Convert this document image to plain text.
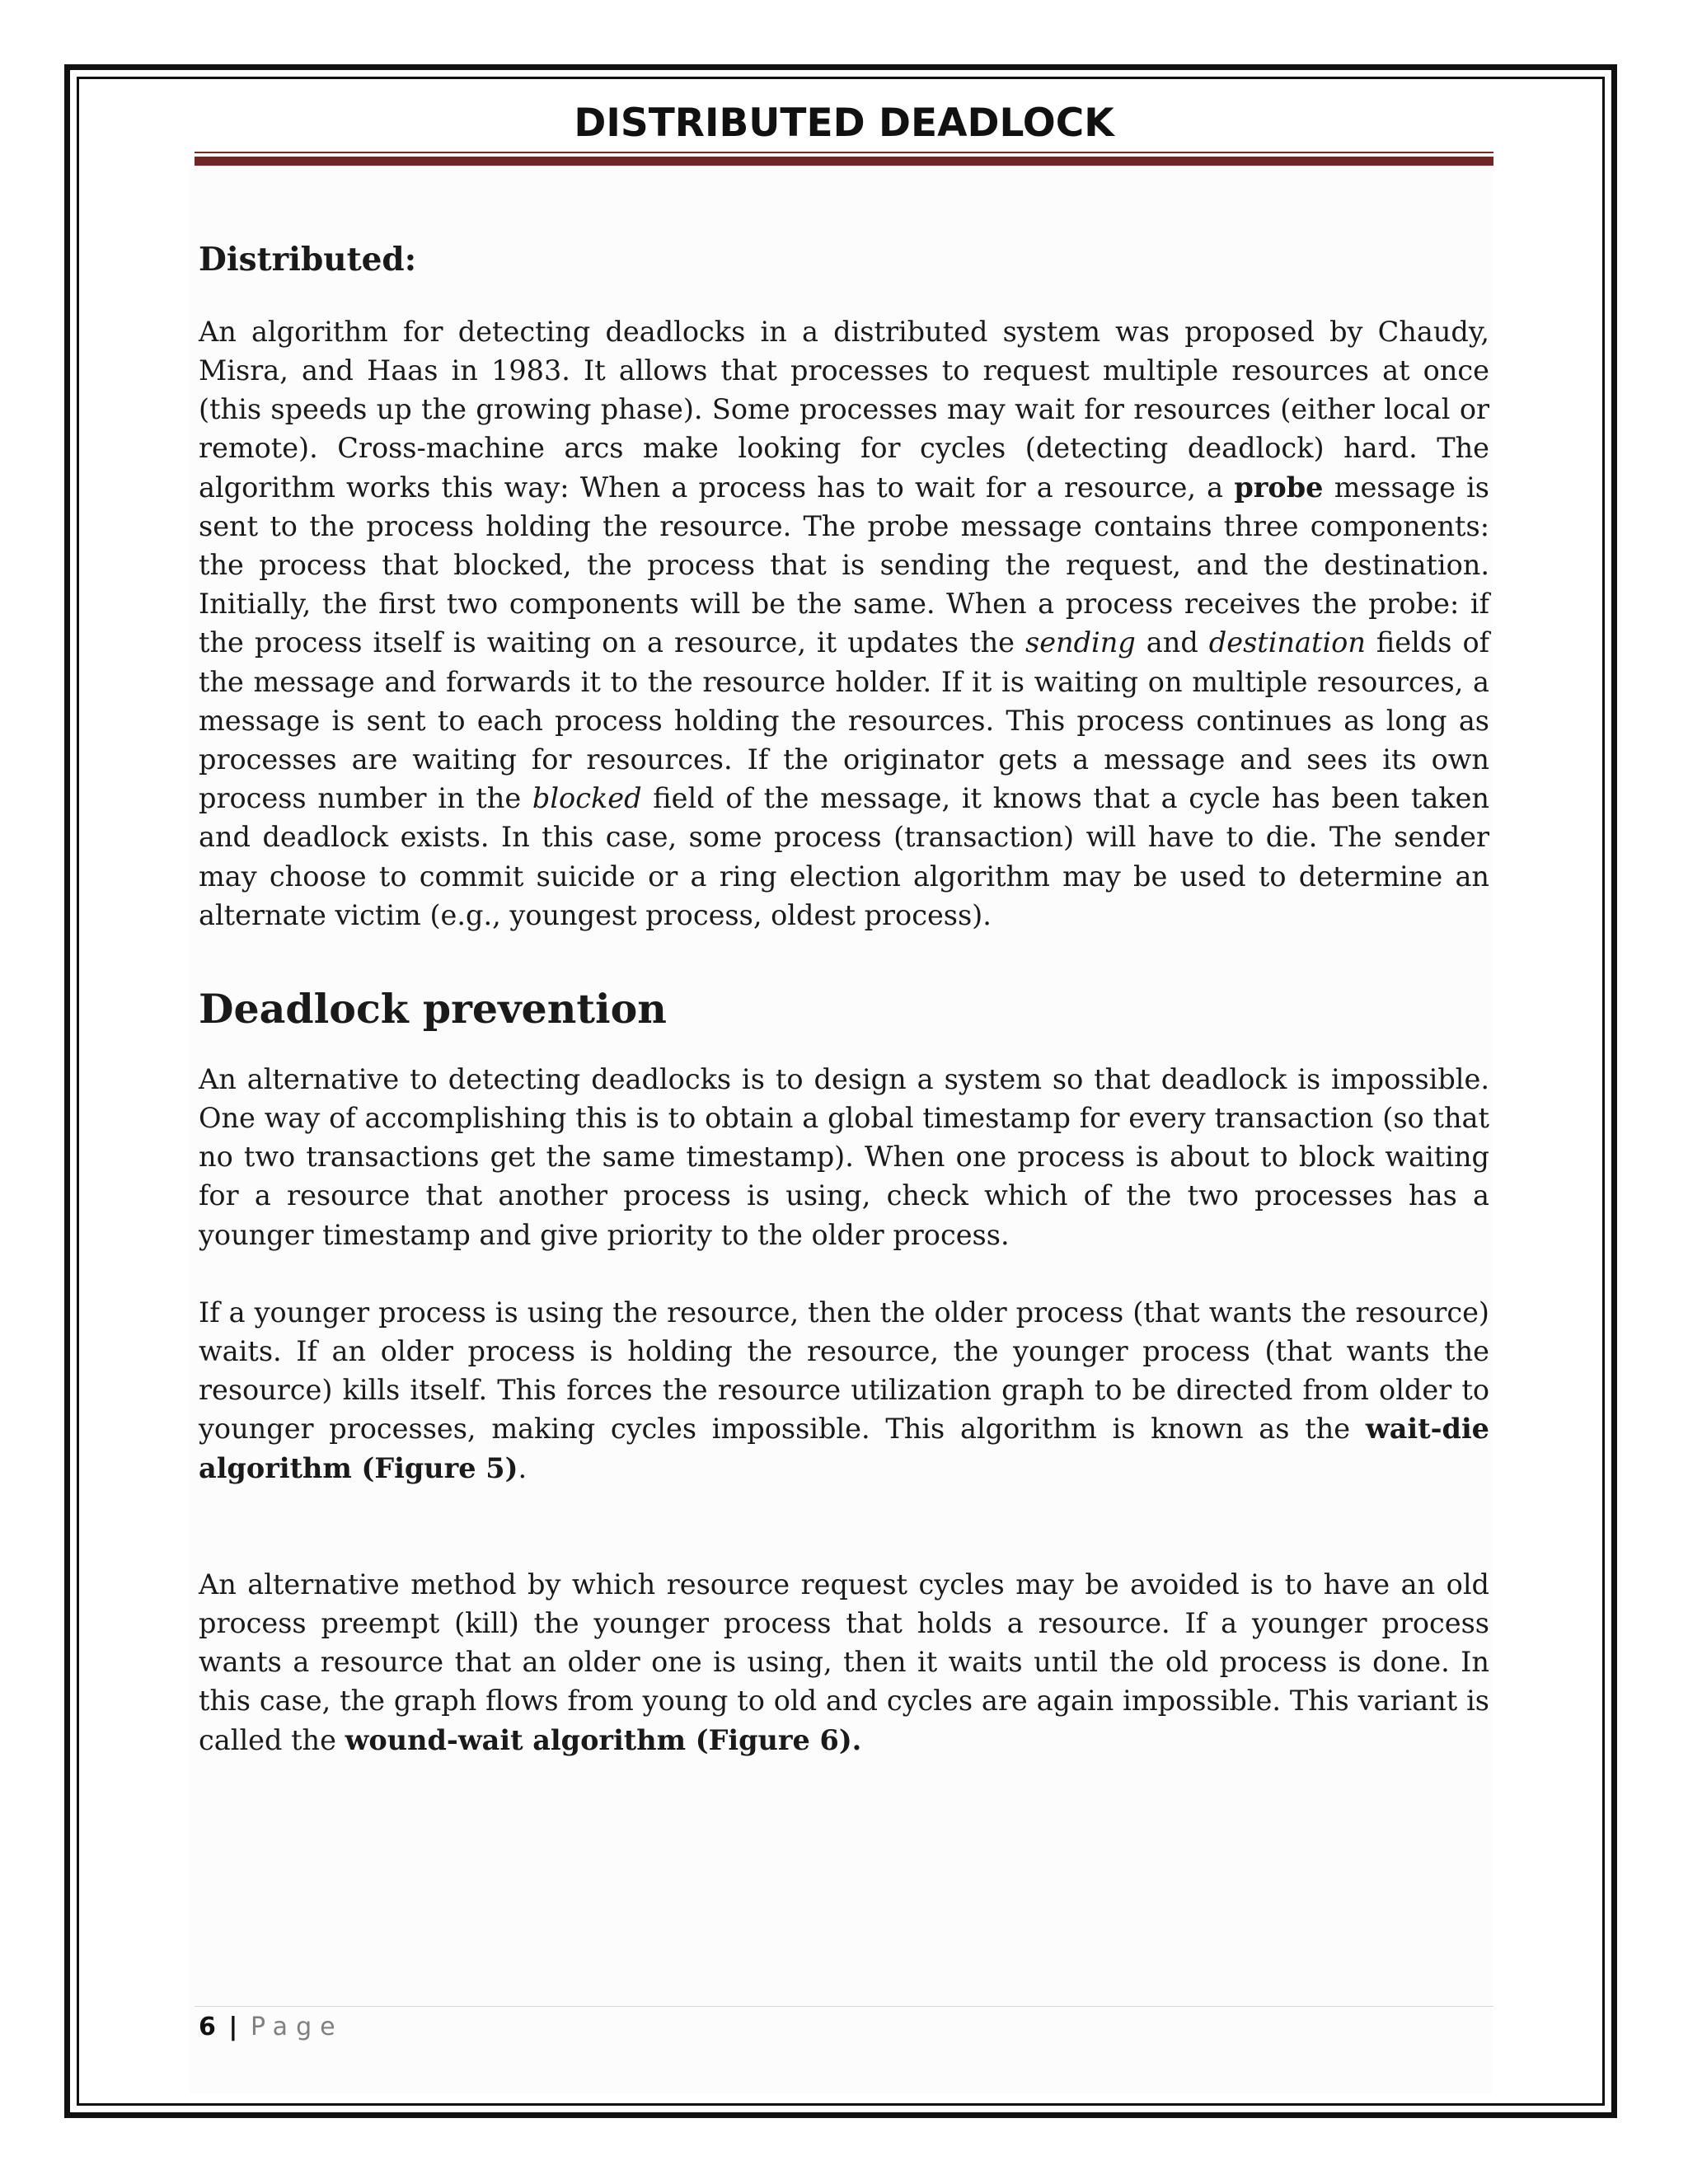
DISTRIBUTED DEADLOCK
Distributed:

An algorithm for detecting deadlocks in a distributed system was proposed by Chaudy, Misra, and Haas in 1983. It allows that processes to request multiple resources at once (this speeds up the growing phase). Some processes may wait for resources (either local or remote). Cross-machine arcs make looking for cycles (detecting deadlock) hard. The algorithm works this way: When a process has to wait for a resource, a probe message is sent to the process holding the resource. The probe message contains three components: the process that blocked, the process that is sending the request, and the destination. Initially, the first two components will be the same. When a process receives the probe: if the process itself is waiting on a resource, it updates the sending and destination fields of the message and forwards it to the resource holder. If it is waiting on multiple resources, a message is sent to each process holding the resources. This process continues as long as processes are waiting for resources. If the originator gets a message and sees its own process number in the blocked field of the message, it knows that a cycle has been taken and deadlock exists. In this case, some process (transaction) will have to die. The sender may choose to commit suicide or a ring election algorithm may be used to determine an alternate victim (e.g., youngest process, oldest process).

Deadlock prevention

An alternative to detecting deadlocks is to design a system so that deadlock is impossible. One way of accomplishing this is to obtain a global timestamp for every transaction (so that no two transactions get the same timestamp). When one process is about to block waiting for a resource that another process is using, check which of the two processes has a younger timestamp and give priority to the older process.

If a younger process is using the resource, then the older process (that wants the resource) waits. If an older process is holding the resource, the younger process (that wants the resource) kills itself. This forces the resource utilization graph to be directed from older to younger processes, making cycles impossible. This algorithm is known as the wait-die algorithm (Figure 5).

An alternative method by which resource request cycles may be avoided is to have an old process preempt (kill) the younger process that holds a resource. If a younger process wants a resource that an older one is using, then it waits until the old process is done. In this case, the graph flows from young to old and cycles are again impossible. This variant is called the wound-wait algorithm (Figure 6).

6 | Page
